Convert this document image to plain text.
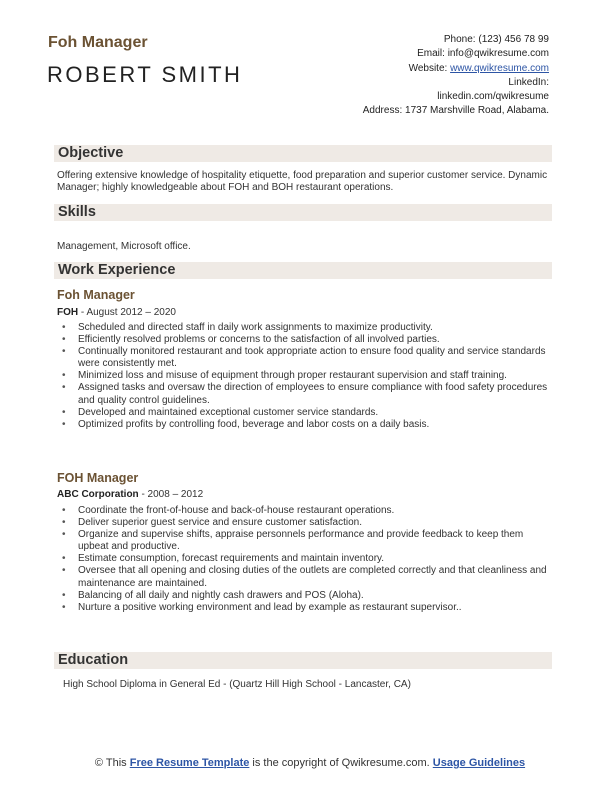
Foh Manager
ROBERT SMITH
Phone: (123) 456 78 99
Email: info@qwikresume.com
Website: www.qwikresume.com
LinkedIn:
linkedin.com/qwikresume
Address: 1737 Marshville Road, Alabama.
Objective
Offering extensive knowledge of hospitality etiquette, food preparation and superior customer service. Dynamic Manager; highly knowledgeable about FOH and BOH restaurant operations.
Skills
Management, Microsoft office.
Work Experience
Foh Manager
FOH - August 2012 – 2020
• Scheduled and directed staff in daily work assignments to maximize productivity.
• Efficiently resolved problems or concerns to the satisfaction of all involved parties.
• Continually monitored restaurant and took appropriate action to ensure food quality and service standards were consistently met.
• Minimized loss and misuse of equipment through proper restaurant supervision and staff training.
• Assigned tasks and oversaw the direction of employees to ensure compliance with food safety procedures and quality control guidelines.
• Developed and maintained exceptional customer service standards.
• Optimized profits by controlling food, beverage and labor costs on a daily basis.
FOH Manager
ABC Corporation - 2008 – 2012
• Coordinate the front-of-house and back-of-house restaurant operations.
• Deliver superior guest service and ensure customer satisfaction.
• Organize and supervise shifts, appraise personnels performance and provide feedback to keep them upbeat and productive.
• Estimate consumption, forecast requirements and maintain inventory.
• Oversee that all opening and closing duties of the outlets are completed correctly and that cleanliness and maintenance are maintained.
• Balancing of all daily and nightly cash drawers and POS (Aloha).
• Nurture a positive working environment and lead by example as restaurant supervisor..
Education
High School Diploma in General Ed - (Quartz Hill High School - Lancaster, CA)
© This Free Resume Template is the copyright of Qwikresume.com. Usage Guidelines
